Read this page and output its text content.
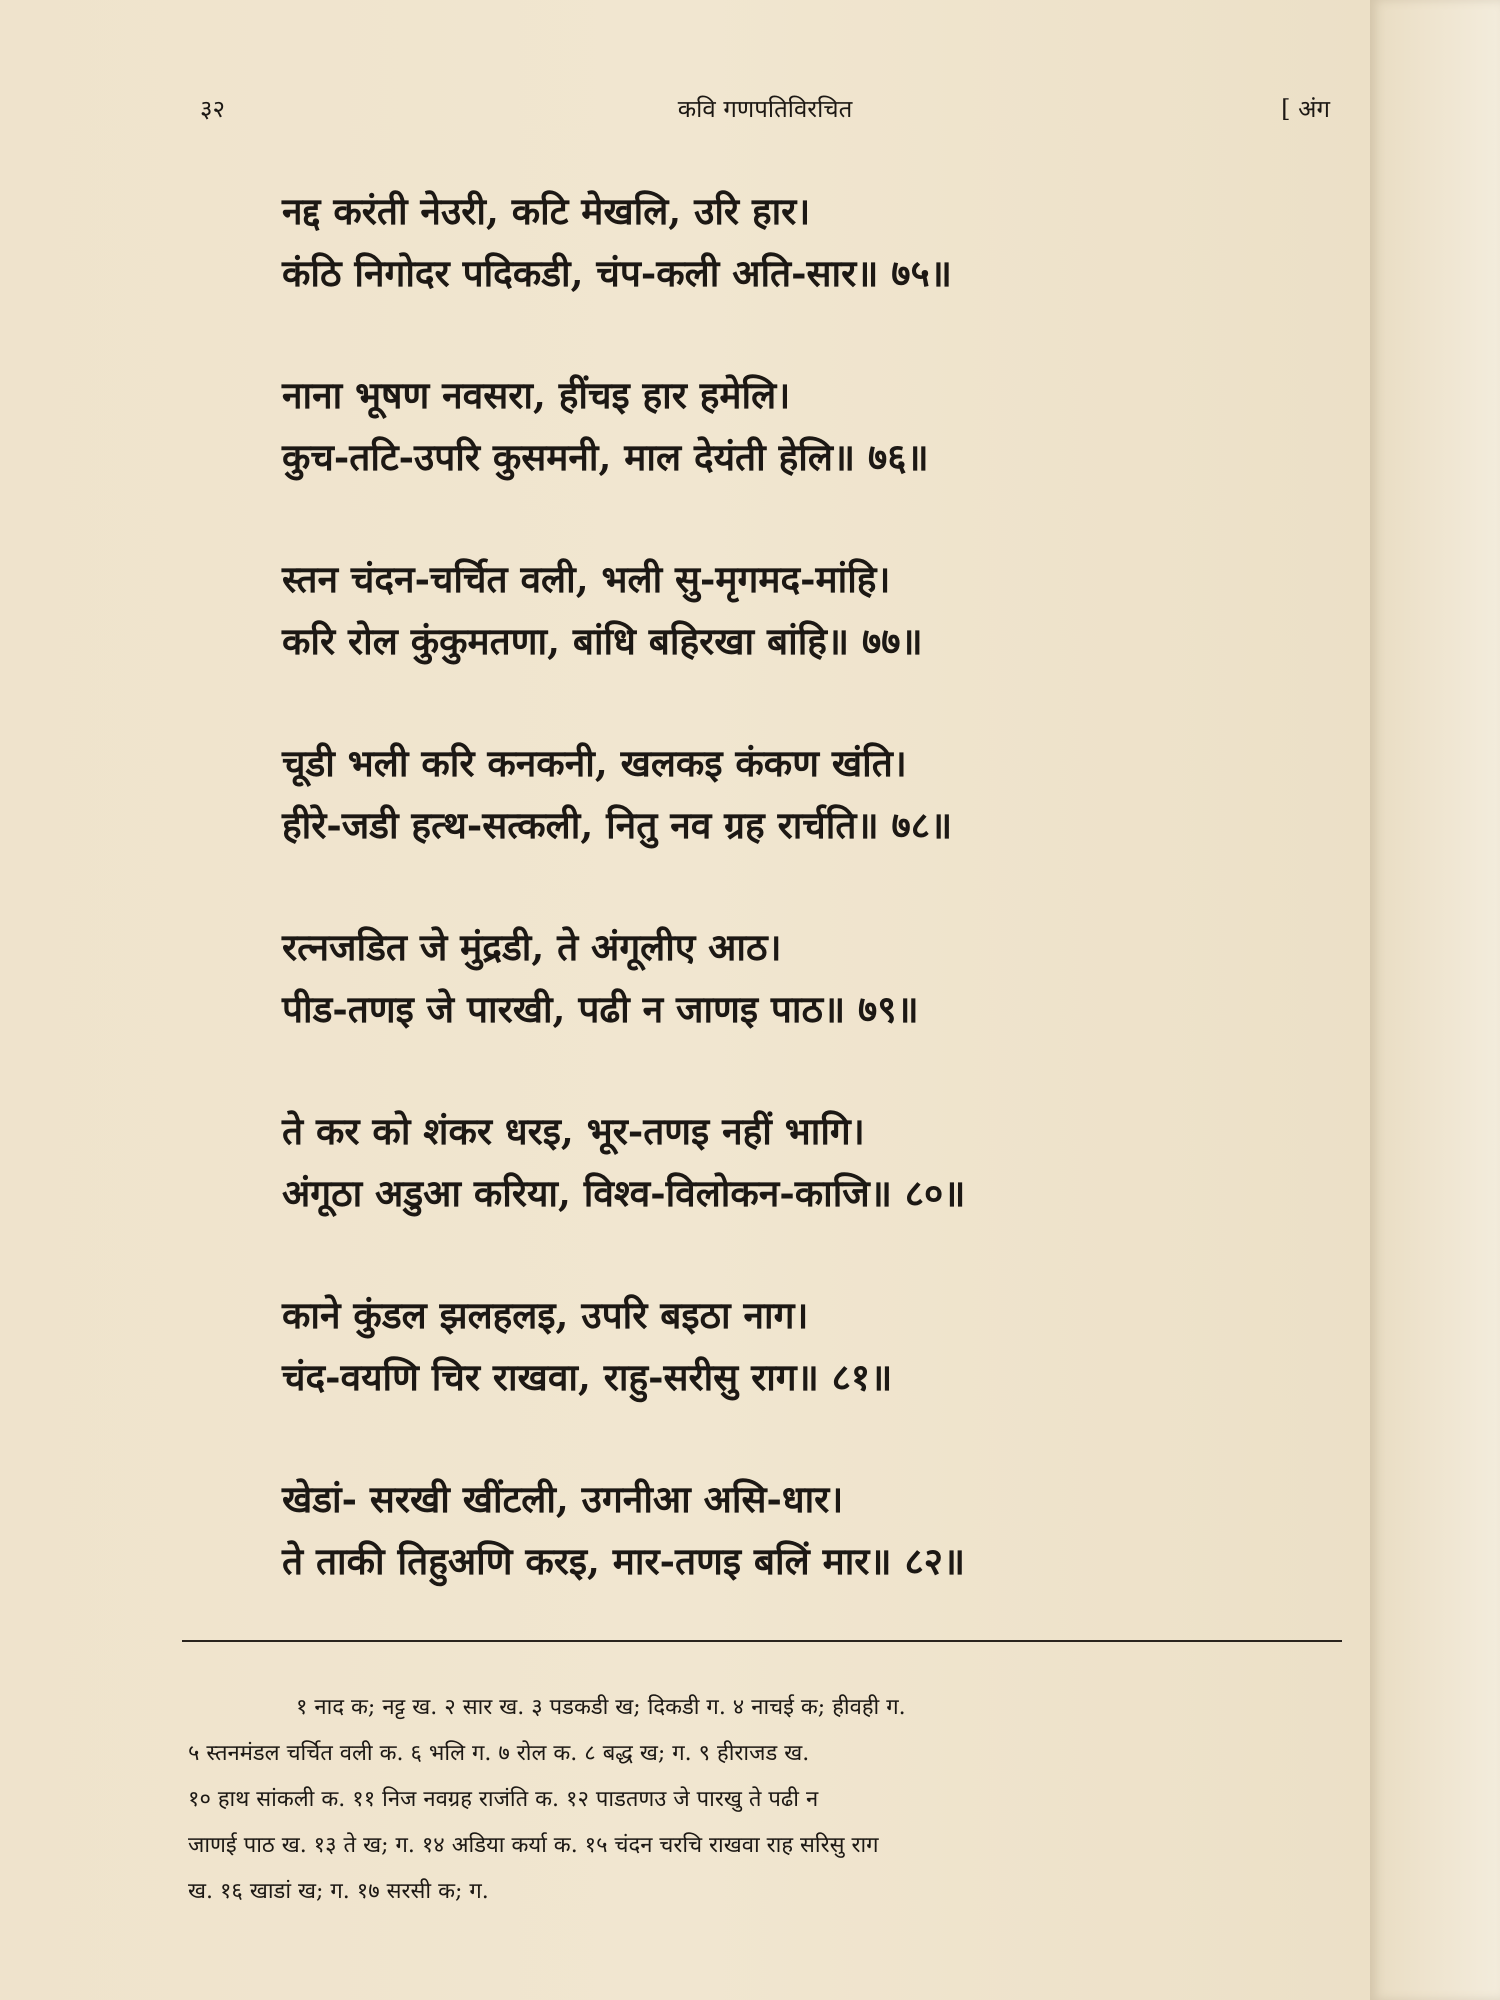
३२	कवि गणपतिविरचित	[ अंग
नद्द करंती नेउरी, कटि मेखलि, उरि हार।
कंठि निगोदर पदिकडी, चंप-कली अति-सार॥ ७५॥
नाना भूषण नवसरा, हींचइ हार हमेलि।
कुच-तटि-उपरि कुसमनी, माल देयंती हेलि॥ ७६॥
स्तन चंदन-चर्चित वली, भली सु-मृगमद-मांहि।
करि रोल कुंकुमतणा, बांधि बहिरखा बांहि॥ ७७॥
चूडी भली करि कनकनी, खलकइ कंकण खंति।
हीरे-जडी हत्थ-सत्कली, नितु नव ग्रह रार्चति॥ ७८॥
रत्नजडित जे मुंद्रडी, ते अंगूलीए आठ।
पीड-तणइ जे पारखी, पढी न जाणइ पाठ॥ ७९॥
ते कर को शंकर धरइ, भूर-तणइ नहीं भागि।
अंगूठा अडुआ करिया, विश्व-विलोकन-काजि॥ ८०॥
काने कुंडल झलहलइ, उपरि बइठा नाग।
चंद-वयणि चिर राखवा, राहु-सरीसु राग॥ ८१॥
खेडां- सरखी खींटली, उगनीआ असि-धार।
ते ताकी तिहुअणि करइ, मार-तणइ बलिं मार॥ ८२॥
१ नाद क; नट्ट ख. २ सार ख. ३ पडकडी ख; दिकडी ग. ४ नाचई क; हीवही ग.
५ स्तनमंडल चर्चित वली क. ६ भलि ग. ७ रोल क. ८ बद्ध ख; ग. ९ हीराजड ख.
१० हाथ सांकली क. ११ निज नवग्रह राजंति क. १२ पाडतणउ जे पारखु ते पढी न
जाणई पाठ ख. १३ ते ख; ग. १४ अडिया कर्या क. १५ चंदन चरचि राखवा राह सरिसु राग
ख. १६ खाडां ख; ग. १७ सरसी क; ग.
